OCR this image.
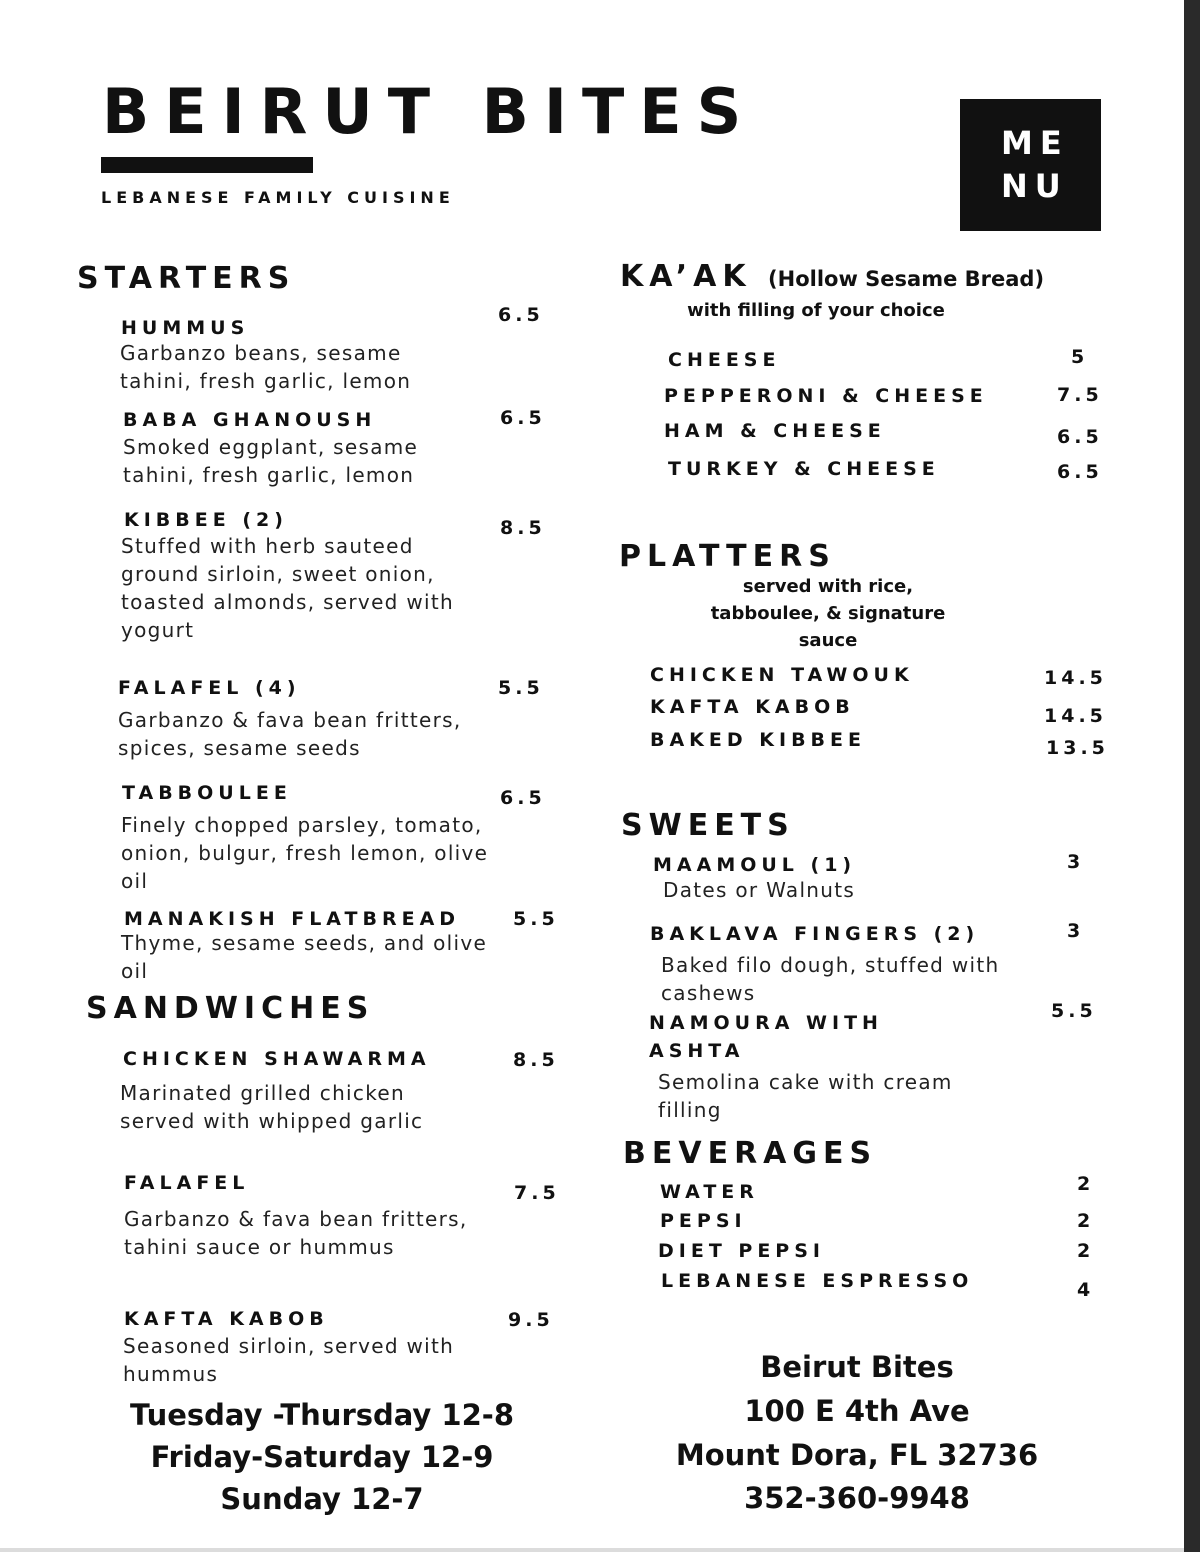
BEIRUT BITES
LEBANESE FAMILY CUISINE
ME
NU
STARTERS
HUMMUS
6.5
Garbanzo beans, sesame tahini, fresh garlic, lemon
BABA GHANOUSH	6.5
Smoked eggplant, sesame tahini, fresh garlic, lemon
KIBBEE (2)	8.5
Stuffed with herb sauteed ground sirloin, sweet onion, toasted almonds, served with yogurt
FALAFEL (4)	5.5
Garbanzo & fava bean fritters, spices, sesame seeds
TABBOULEE	6.5
Finely chopped parsley, tomato, onion, bulgur, fresh lemon, olive oil
MANAKISH FLATBREAD	5.5
Thyme, sesame seeds, and olive oil
SANDWICHES
CHICKEN SHAWARMA	8.5
Marinated grilled chicken served with whipped garlic
FALAFEL	7.5
Garbanzo & fava bean fritters, tahini sauce or hummus
KAFTA KABOB	9.5
Seasoned sirloin, served with hummus
Tuesday -Thursday 12-8
Friday-Saturday 12-9
Sunday 12-7
KA’AK (Hollow Sesame Bread)
with filling of your choice
CHEESE	5
PEPPERONI & CHEESE	7.5
HAM & CHEESE	6.5
TURKEY & CHEESE	6.5
PLATTERS
served with rice, tabboulee, & signature sauce
CHICKEN TAWOUK	14.5
KAFTA KABOB	14.5
BAKED KIBBEE	13.5
SWEETS
MAAMOUL (1)	3
Dates or Walnuts
BAKLAVA FINGERS (2)	3
Baked filo dough, stuffed with cashews
NAMOURA WITH ASHTA
5.5
Semolina cake with cream filling
BEVERAGES
WATER	2
PEPSI	2
DIET PEPSI	2
LEBANESE ESPRESSO	4
Beirut Bites
100 E 4th Ave
Mount Dora, FL 32736
352-360-9948
